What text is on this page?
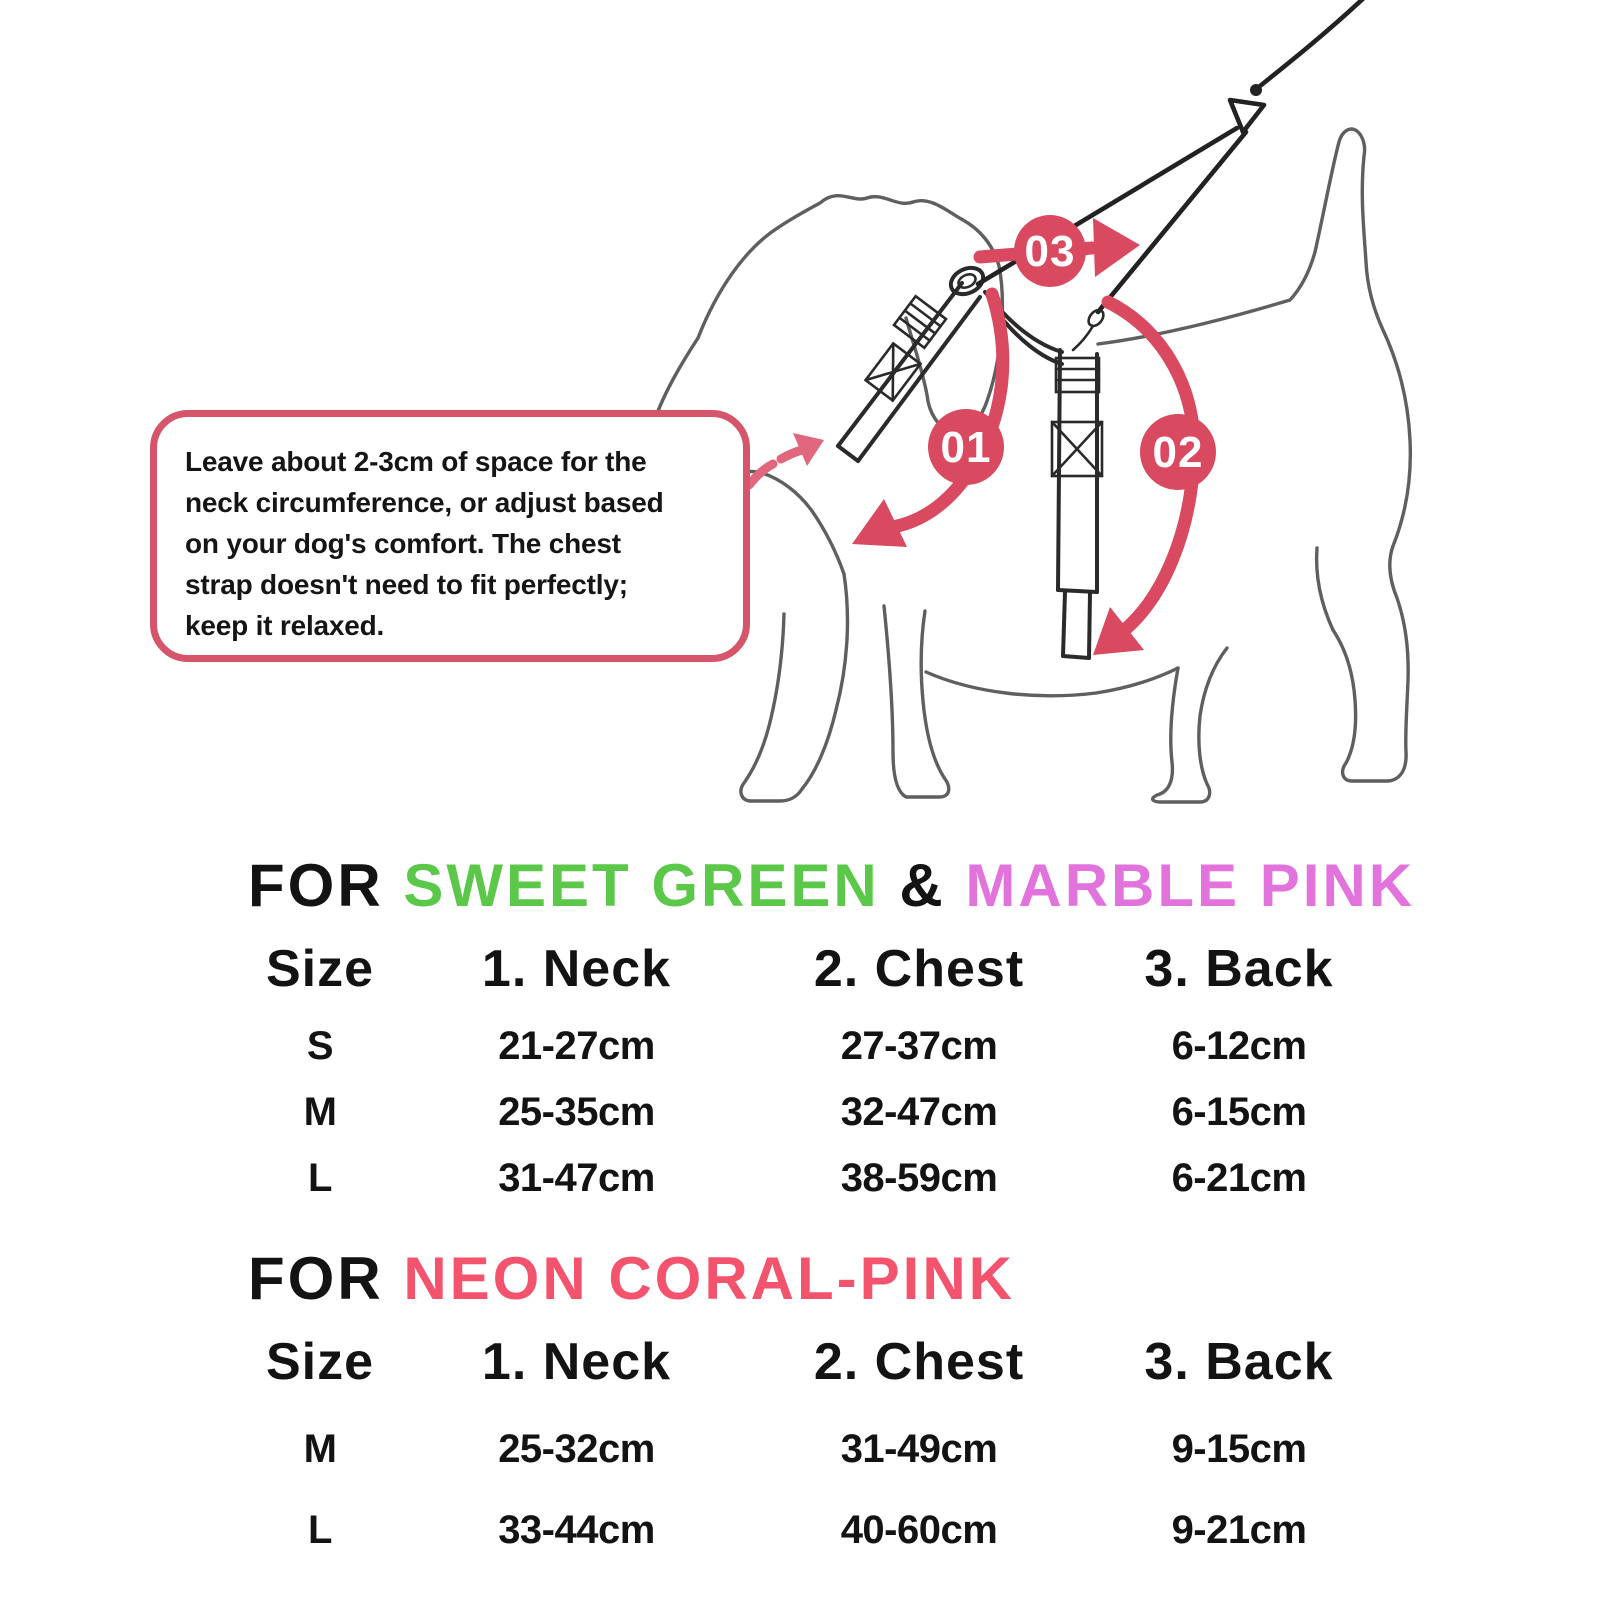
01	02
03
Leave about 2-3cm of space for the
neck circumference, or adjust based
on your dog's comfort. The chest
strap doesn't need to fit perfectly;
keep it relaxed.
FOR SWEET GREEN & MARBLE PINK
Size	1. Neck	2. Chest	3. Back
S	21-27cm	27-37cm	6-12cm
M	25-35cm	32-47cm	6-15cm
L	31-47cm	38-59cm	6-21cm
FOR NEON CORAL-PINK
Size	1. Neck	2. Chest	3. Back
M	25-32cm	31-49cm	9-15cm
L	33-44cm	40-60cm	9-21cm
